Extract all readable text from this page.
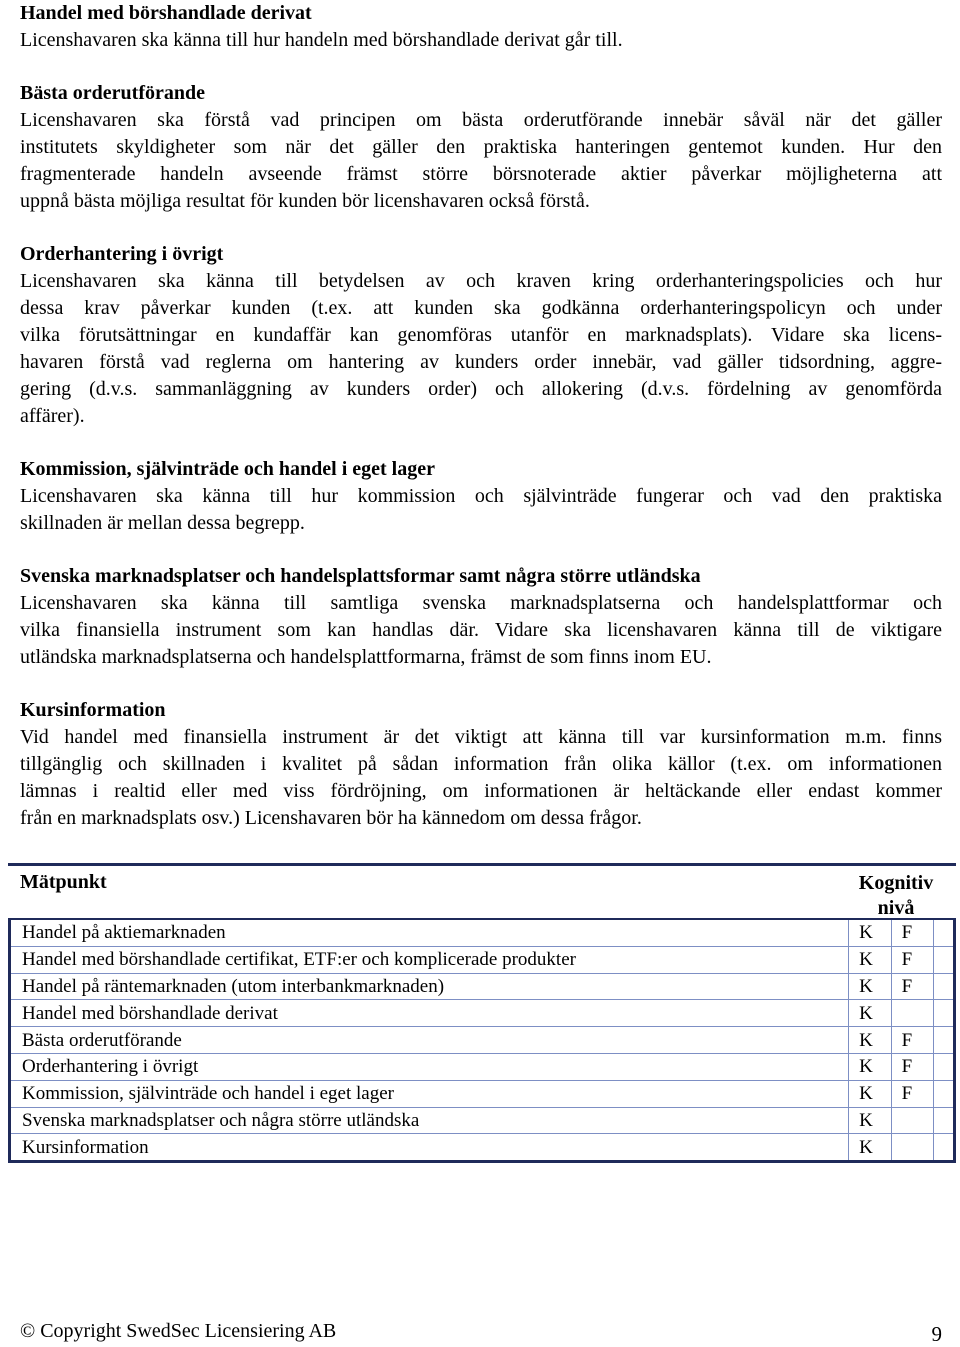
Handel med börshandlade derivat
Licenshavaren ska känna till hur handeln med börshandlade derivat går till.
Bästa orderutförande
Licenshavaren ska förstå vad principen om bästa orderutförande innebär såväl när det gäller
institutets skyldigheter som när det gäller den praktiska hanteringen gentemot kunden. Hur den
fragmenterade handeln avseende främst större börsnoterade aktier påverkar möjligheterna att
uppnå bästa möjliga resultat för kunden bör licenshavaren också förstå.
Orderhantering i övrigt
Licenshavaren ska känna till betydelsen av och kraven kring orderhanteringspolicies och hur
dessa krav påverkar kunden (t.ex. att kunden ska godkänna orderhanteringspolicyn och under
vilka förutsättningar en kundaffär kan genomföras utanför en marknadsplats). Vidare ska licens-
havaren förstå vad reglerna om hantering av kunders order innebär, vad gäller tidsordning, aggre-
gering (d.v.s. sammanläggning av kunders order) och allokering (d.v.s. fördelning av genomförda
affärer).
Kommission, självinträde och handel i eget lager
Licenshavaren ska känna till hur kommission och självinträde fungerar och vad den praktiska
skillnaden är mellan dessa begrepp.
Svenska marknadsplatser och handelsplattsformar samt några större utländska
Licenshavaren ska känna till samtliga svenska marknadsplatserna och handelsplattformar och
vilka finansiella instrument som kan handlas där. Vidare ska licenshavaren känna till de viktigare
utländska marknadsplatserna och handelsplattformarna, främst de som finns inom EU.
Kursinformation
Vid handel med finansiella instrument är det viktigt att känna till var kursinformation m.m. finns
tillgänglig och skillnaden i kvalitet på sådan information från olika källor (t.ex. om informationen
lämnas i realtid eller med viss fördröjning, om informationen är heltäckande eller endast kommer
från en marknadsplats osv.) Licenshavaren bör ha kännedom om dessa frågor.
Mätpunkt	Kognitiv
nivå
Handel på aktiemarknaden	K	F	
Handel med börshandlade certifikat, ETF:er och komplicerade produkter	K	F	
Handel på räntemarknaden (utom interbankmarknaden)	K	F	
Handel med börshandlade derivat	K		
Bästa orderutförande	K	F	
Orderhantering i övrigt	K	F	
Kommission, självinträde och handel i eget lager	K	F	
Svenska marknadsplatser och några större utländska	K		
Kursinformation	K		
© Copyright SwedSec Licensiering AB	9
